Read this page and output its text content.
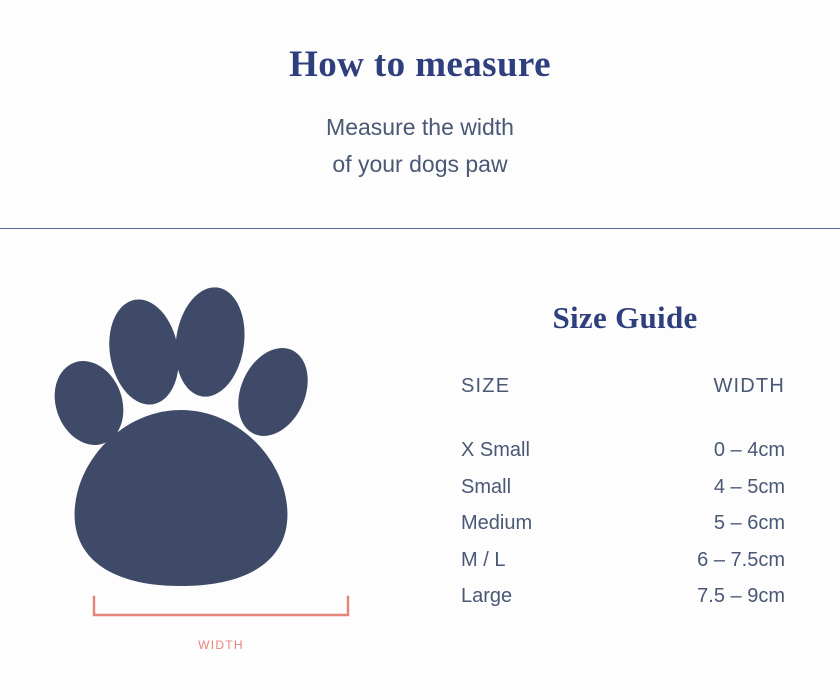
How to measure
Measure the width
of your dogs paw
WIDTH
Size Guide
SIZE	WIDTH
X Small	0 – 4cm
Small	4 – 5cm
Medium	5 – 6cm
M / L	6 – 7.5cm
Large	7.5 – 9cm
